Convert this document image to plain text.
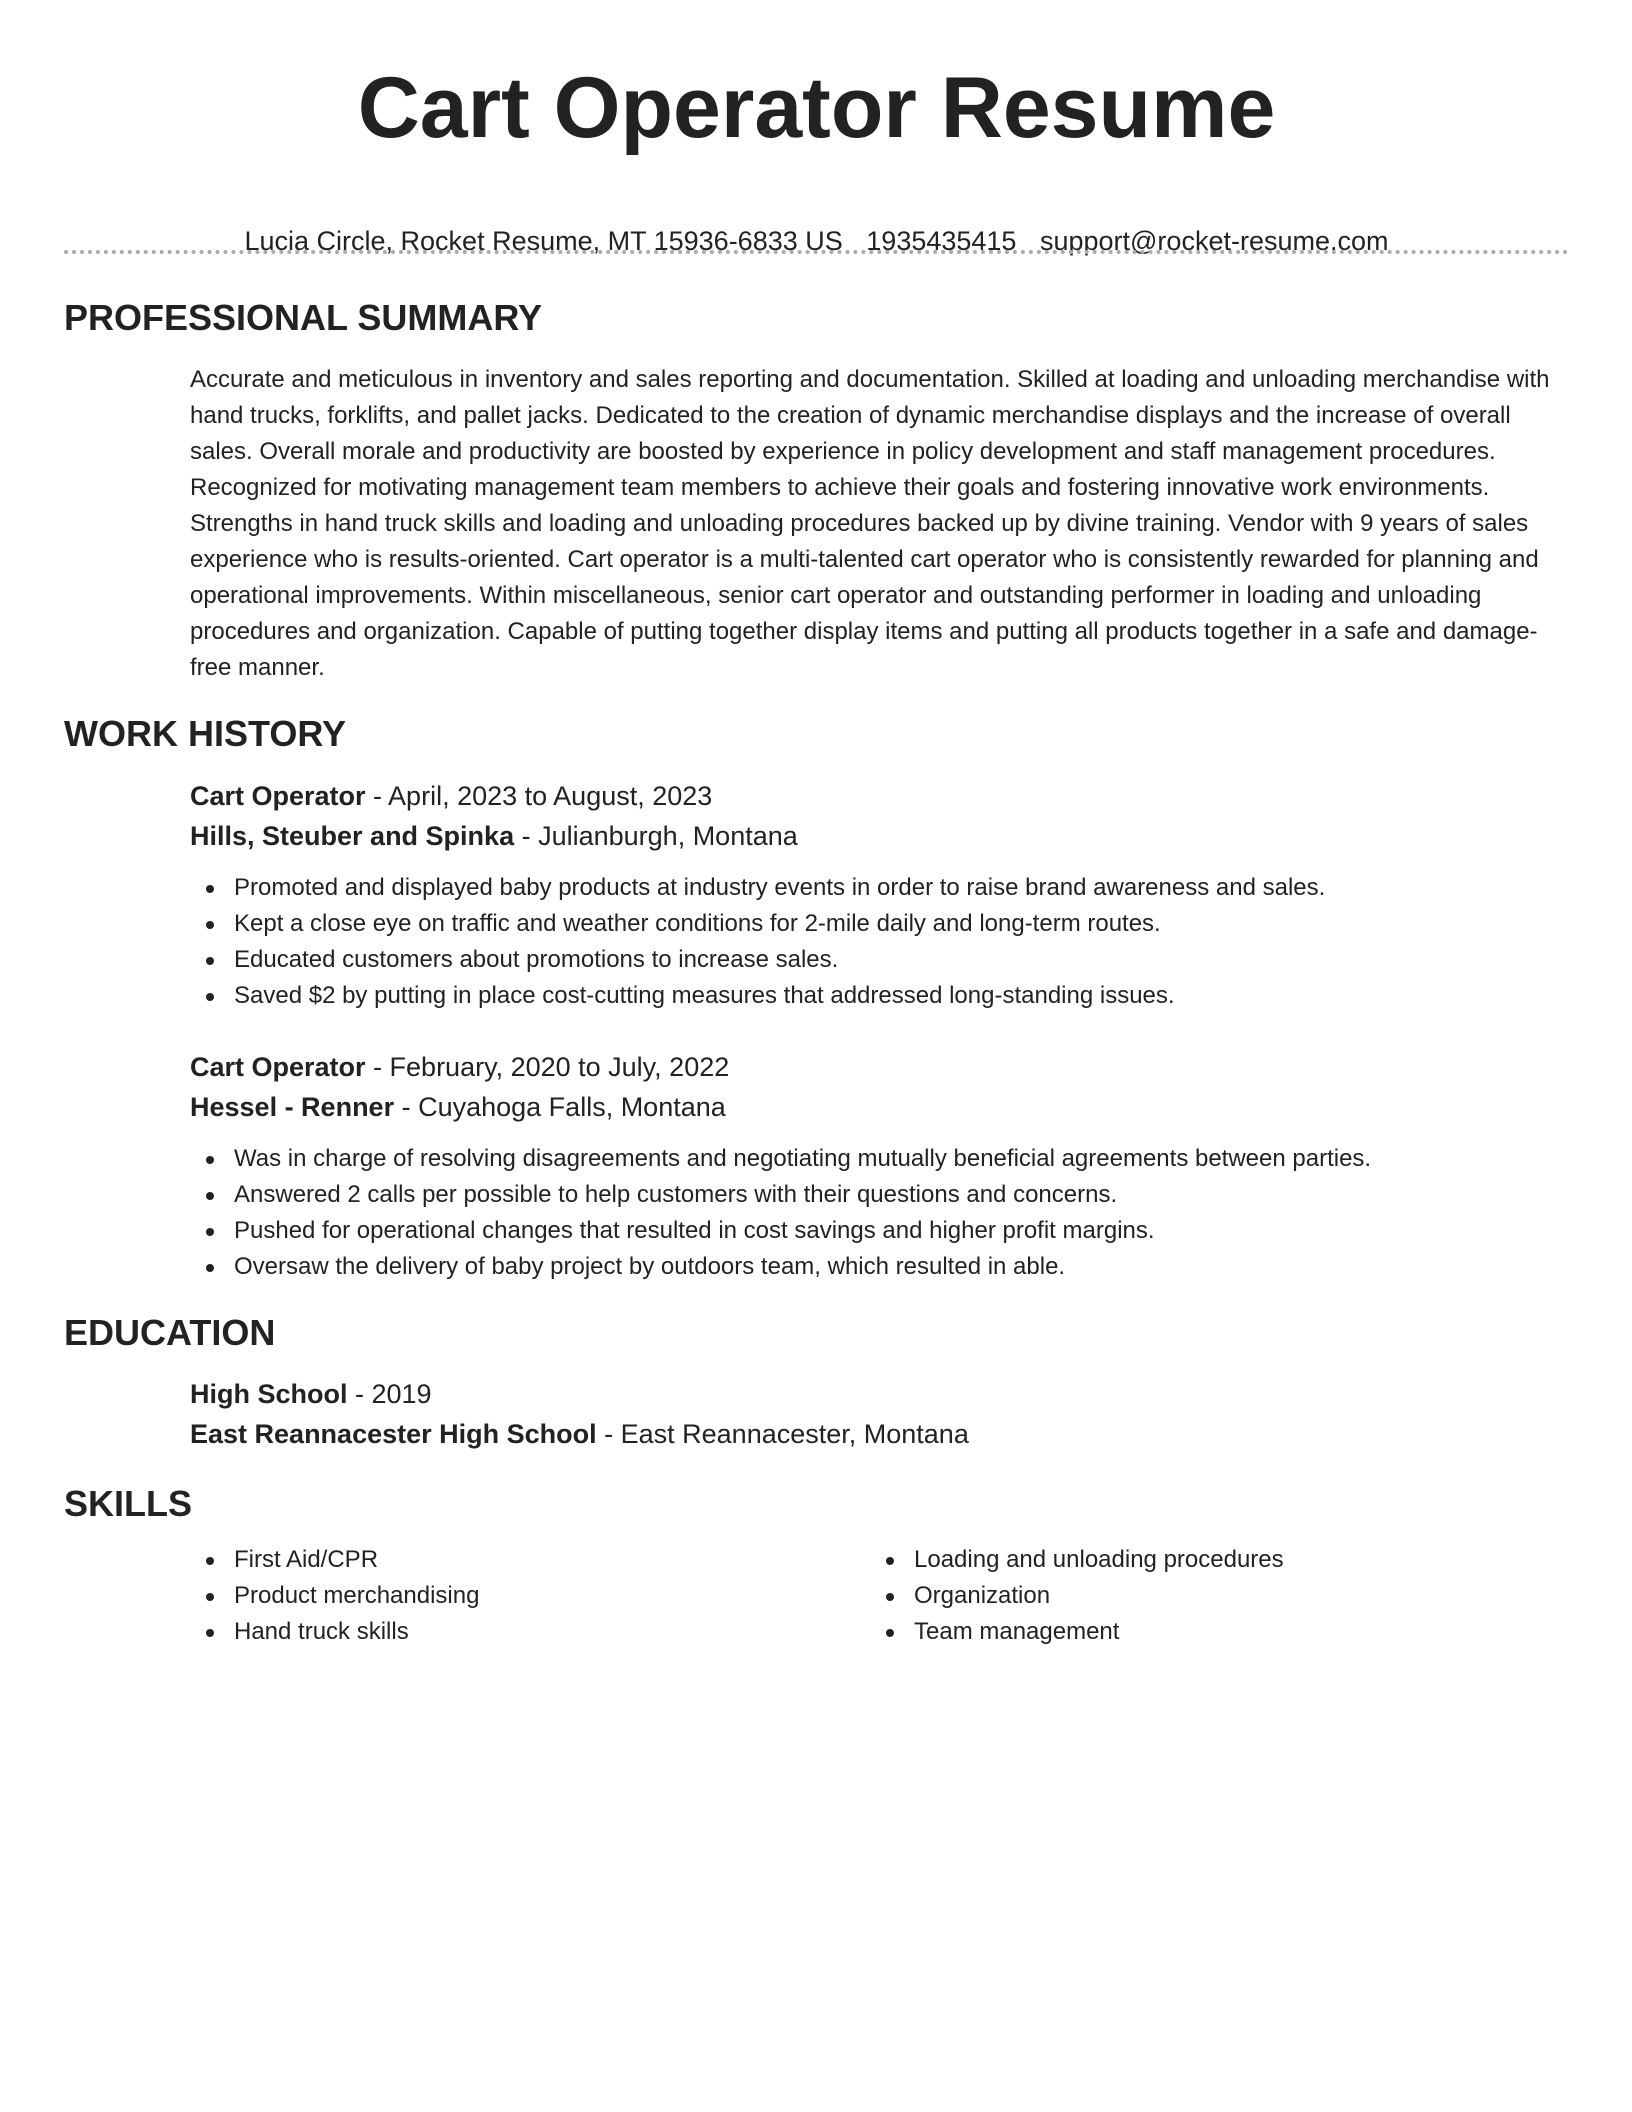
Cart Operator Resume
Lucia Circle, Rocket Resume, MT 15936-6833 US 1935435415 support@rocket-resume.com
PROFESSIONAL SUMMARY
Accurate and meticulous in inventory and sales reporting and documentation. Skilled at loading and unloading merchandise with hand trucks, forklifts, and pallet jacks. Dedicated to the creation of dynamic merchandise displays and the increase of overall sales. Overall morale and productivity are boosted by experience in policy development and staff management procedures. Recognized for motivating management team members to achieve their goals and fostering innovative work environments. Strengths in hand truck skills and loading and unloading procedures backed up by divine training. Vendor with 9 years of sales experience who is results-oriented. Cart operator is a multi-talented cart operator who is consistently rewarded for planning and operational improvements. Within miscellaneous, senior cart operator and outstanding performer in loading and unloading procedures and organization. Capable of putting together display items and putting all products together in a safe and damage-free manner.
WORK HISTORY
Cart Operator - April, 2023 to August, 2023
Hills, Steuber and Spinka - Julianburgh, Montana
Promoted and displayed baby products at industry events in order to raise brand awareness and sales.
Kept a close eye on traffic and weather conditions for 2-mile daily and long-term routes.
Educated customers about promotions to increase sales.
Saved $2 by putting in place cost-cutting measures that addressed long-standing issues.
Cart Operator - February, 2020 to July, 2022
Hessel - Renner - Cuyahoga Falls, Montana
Was in charge of resolving disagreements and negotiating mutually beneficial agreements between parties.
Answered 2 calls per possible to help customers with their questions and concerns.
Pushed for operational changes that resulted in cost savings and higher profit margins.
Oversaw the delivery of baby project by outdoors team, which resulted in able.
EDUCATION
High School - 2019
East Reannacester High School - East Reannacester, Montana
SKILLS
First Aid/CPR
Product merchandising
Hand truck skills
Loading and unloading procedures
Organization
Team management
